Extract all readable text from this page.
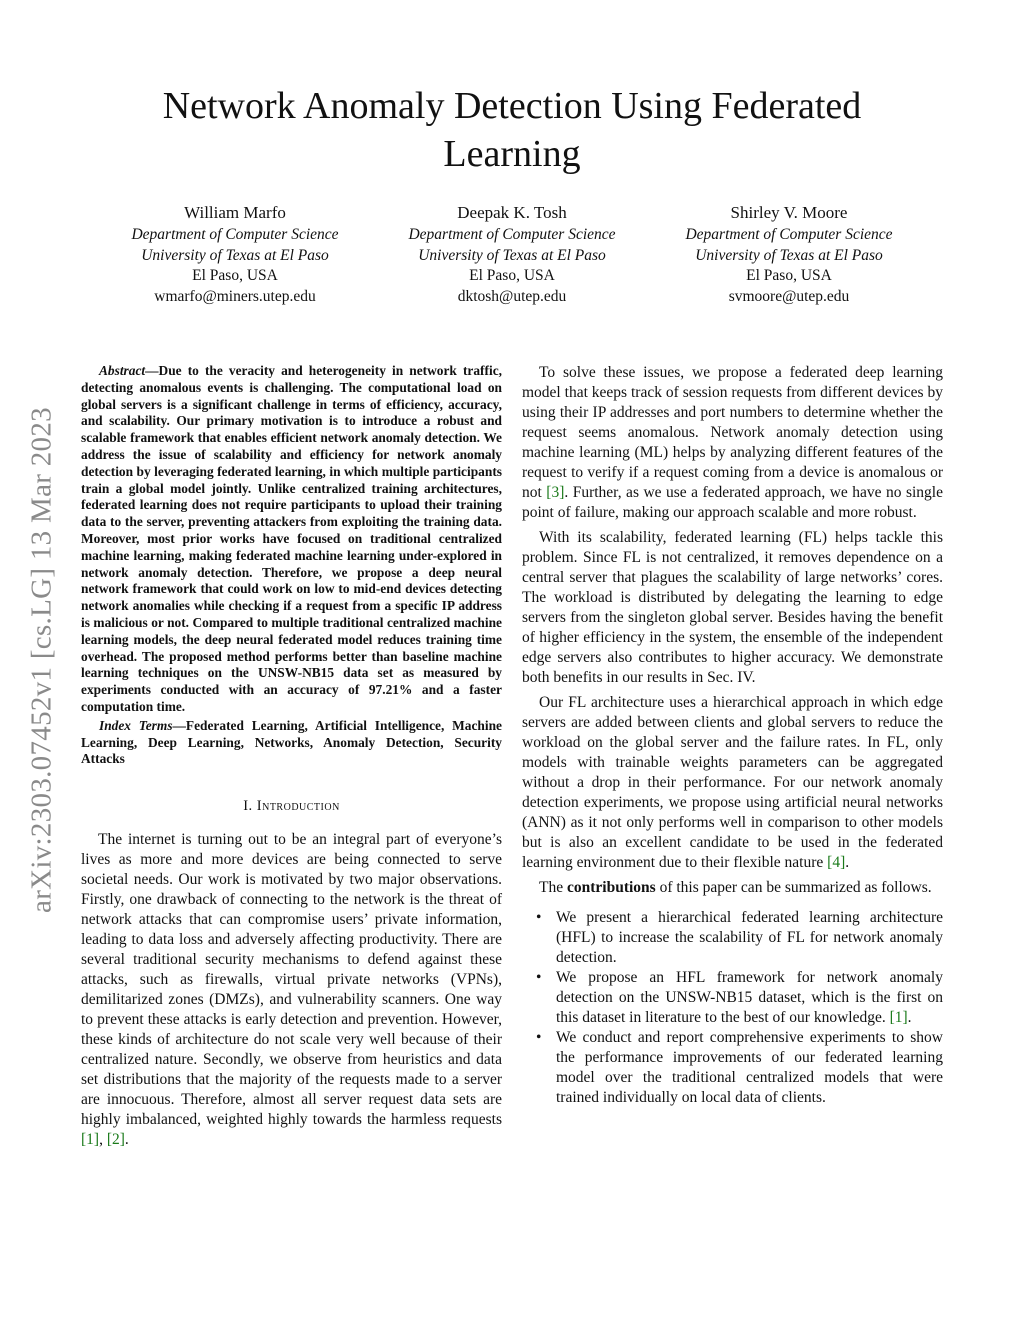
arXiv:2303.07452v1 [cs.LG] 13 Mar 2023
Network Anomaly Detection Using Federated Learning
William Marfo
Department of Computer Science
University of Texas at El Paso
El Paso, USA
wmarfo@miners.utep.edu
Deepak K. Tosh
Department of Computer Science
University of Texas at El Paso
El Paso, USA
dktosh@utep.edu
Shirley V. Moore
Department of Computer Science
University of Texas at El Paso
El Paso, USA
svmoore@utep.edu

Abstract—Due to the veracity and heterogeneity in network traffic, detecting anomalous events is challenging. The computational load on global servers is a significant challenge in terms of efficiency, accuracy, and scalability. Our primary motivation is to introduce a robust and scalable framework that enables efficient network anomaly detection. We address the issue of scalability and efficiency for network anomaly detection by leveraging federated learning, in which multiple participants train a global model jointly. Unlike centralized training architectures, federated learning does not require participants to upload their training data to the server, preventing attackers from exploiting the training data. Moreover, most prior works have focused on traditional centralized machine learning, making federated machine learning under-explored in network anomaly detection. Therefore, we propose a deep neural network framework that could work on low to mid-end devices detecting network anomalies while checking if a request from a specific IP address is malicious or not. Compared to multiple traditional centralized machine learning models, the deep neural federated model reduces training time overhead. The proposed method performs better than baseline machine learning techniques on the UNSW-NB15 data set as measured by experiments conducted with an accuracy of 97.21% and a faster computation time.

Index Terms—Federated Learning, Artificial Intelligence, Machine Learning, Deep Learning, Networks, Anomaly Detection, Security Attacks

I. Introduction

The internet is turning out to be an integral part of everyone’s lives as more and more devices are being connected to serve societal needs. Our work is motivated by two major observations. Firstly, one drawback of connecting to the network is the threat of network attacks that can compromise users’ private information, leading to data loss and adversely affecting productivity. There are several traditional security mechanisms to defend against these attacks, such as firewalls, virtual private networks (VPNs), demilitarized zones (DMZs), and vulnerability scanners. One way to prevent these attacks is early detection and prevention. However, these kinds of architecture do not scale very well because of their centralized nature. Secondly, we observe from heuristics and data set distributions that the majority of the requests made to a server are innocuous. Therefore, almost all server request data sets are highly imbalanced, weighted highly towards the harmless requests [1], [2].

To solve these issues, we propose a federated deep learning model that keeps track of session requests from different devices by using their IP addresses and port numbers to determine whether the request seems anomalous. Network anomaly detection using machine learning (ML) helps by analyzing different features of the request to verify if a request coming from a device is anomalous or not [3]. Further, as we use a federated approach, we have no single point of failure, making our approach scalable and more robust.

With its scalability, federated learning (FL) helps tackle this problem. Since FL is not centralized, it removes dependence on a central server that plagues the scalability of large networks’ cores. The workload is distributed by delegating the learning to edge servers from the singleton global server. Besides having the benefit of higher efficiency in the system, the ensemble of the independent edge servers also contributes to higher accuracy. We demonstrate both benefits in our results in Sec. IV.

Our FL architecture uses a hierarchical approach in which edge servers are added between clients and global servers to reduce the workload on the global server and the failure rates. In FL, only models with trainable weights parameters can be aggregated without a drop in their performance. For our network anomaly detection experiments, we propose using artificial neural networks (ANN) as it not only performs well in comparison to other models but is also an excellent candidate to be used in the federated learning environment due to their flexible nature [4].

The contributions of this paper can be summarized as follows.

• We present a hierarchical federated learning architecture (HFL) to increase the scalability of FL for network anomaly detection.
• We propose an HFL framework for network anomaly detection on the UNSW-NB15 dataset, which is the first on this dataset in literature to the best of our knowledge. [1].
• We conduct and report comprehensive experiments to show the performance improvements of our federated learning model over the traditional centralized models that were trained individually on local data of clients.
